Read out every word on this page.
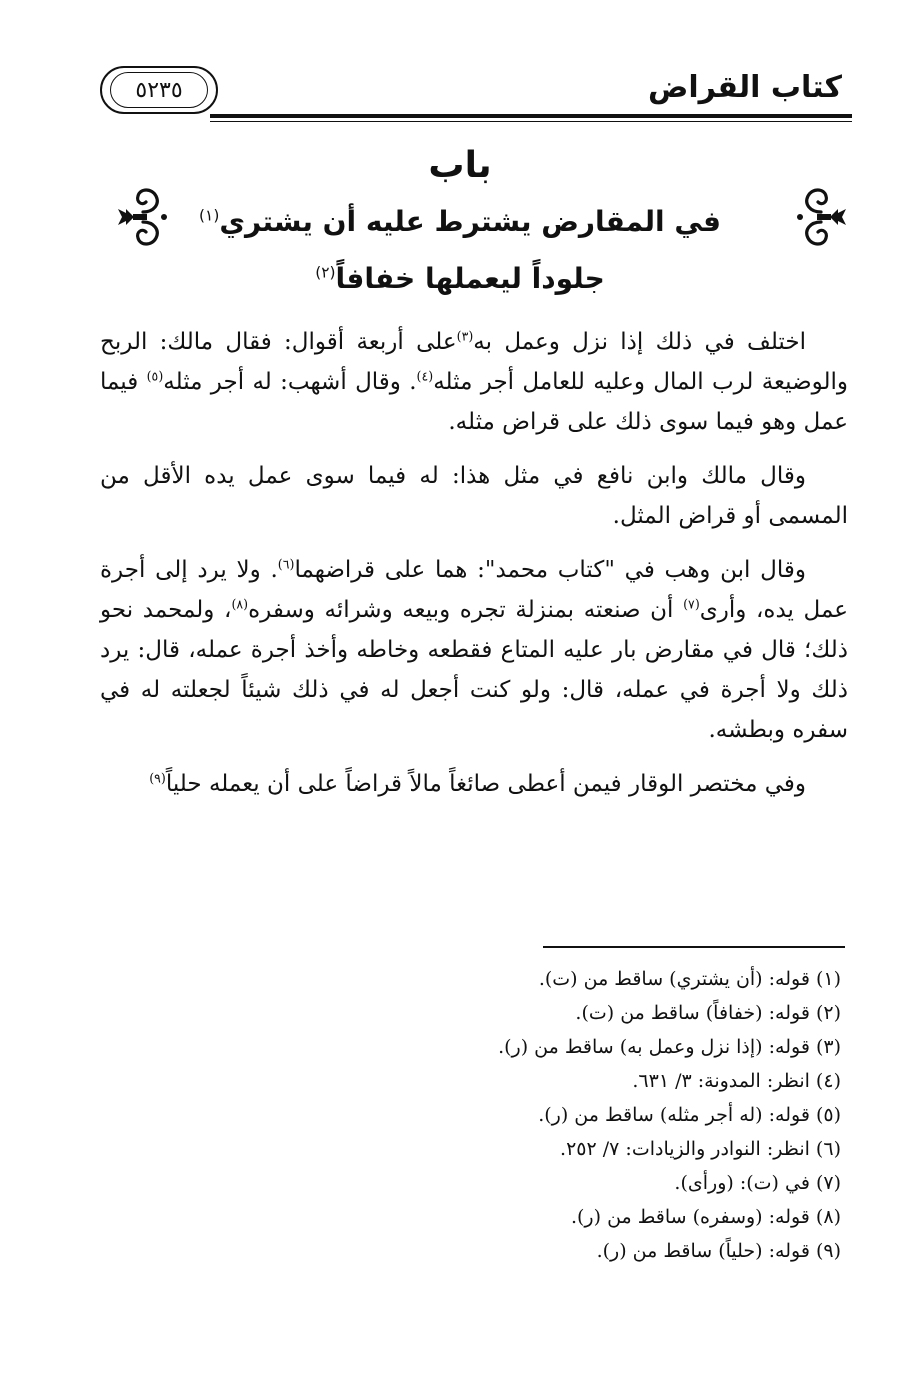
٥٢٣٥	كتاب القراض
باب
في المقارض يشترط عليه أن يشتري$^{(١)}$
جلوداً ليعملها خفافاً$^{(٢)}$

اختلف في ذلك إذا نزل وعمل به$^{(٣)}$على أربعة أقوال: فقال مالك: الربح والوضيعة لرب المال وعليه للعامل أجر مثله$^{(٤)}$. وقال أشهب: له أجر مثله$^{(٥)}$ فيما عمل وهو فيما سوى ذلك على قراض مثله.

وقال مالك وابن نافع في مثل هذا: له فيما سوى عمل يده الأقل من المسمى أو قراض المثل.

وقال ابن وهب في "كتاب محمد": هما على قراضهما$^{(٦)}$. ولا يرد إلى أجرة عمل يده، وأرى$^{(٧)}$ أن صنعته بمنزلة تجره وبيعه وشرائه وسفره$^{(٨)}$، ولمحمد نحو ذلك؛ قال في مقارض بار عليه المتاع فقطعه وخاطه وأخذ أجرة عمله، قال: يرد ذلك ولا أجرة في عمله، قال: ولو كنت أجعل له في ذلك شيئاً لجعلته له في سفره وبطشه.

وفي مختصر الوقار فيمن أعطى صائغاً مالاً قراضاً على أن يعمله حلياً$^{(٩)}$

(١) قوله: (أن يشتري) ساقط من (ت).
(٢) قوله: (خفافاً) ساقط من (ت).
(٣) قوله: (إذا نزل وعمل به) ساقط من (ر).
(٤) انظر: المدونة: ٣/ ٦٣١.
(٥) قوله: (له أجر مثله) ساقط من (ر).
(٦) انظر: النوادر والزيادات: ٧/ ٢٥٢.
(٧) في (ت): (ورأى).
(٨) قوله: (وسفره) ساقط من (ر).
(٩) قوله: (حلياً) ساقط من (ر).
